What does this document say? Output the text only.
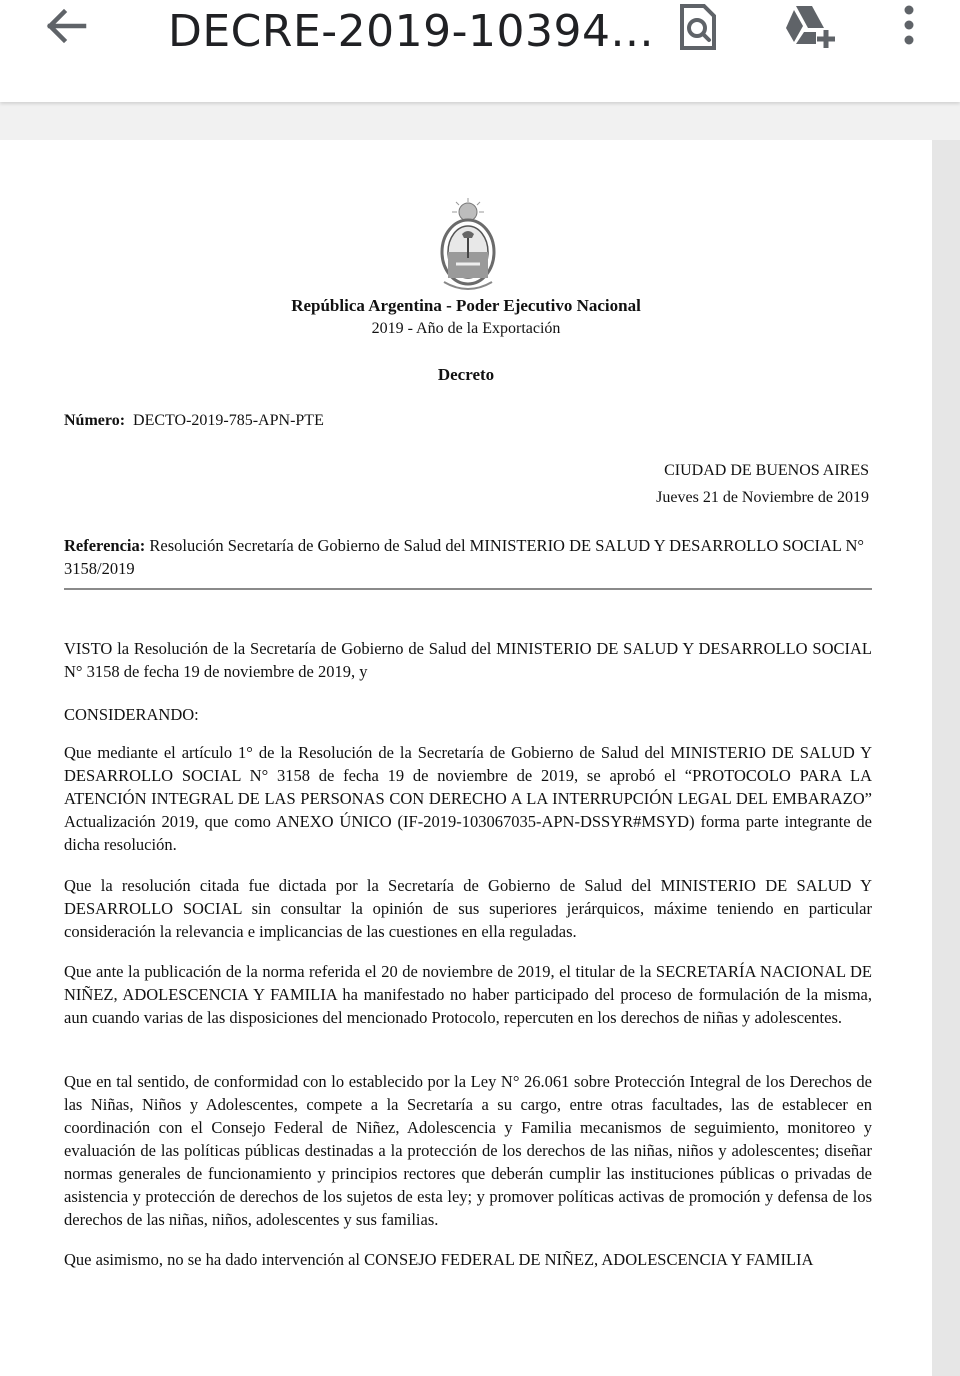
DECRE-2019-10394...
República Argentina - Poder Ejecutivo Nacional
2019 - Año de la Exportación
Decreto
Número: DECTO-2019-785-APN-PTE
CIUDAD DE BUENOS AIRES
Jueves 21 de Noviembre de 2019
Referencia: Resolución Secretaría de Gobierno de Salud del MINISTERIO DE SALUD Y DESARROLLO SOCIAL N° 3158/2019

VISTO la Resolución de la Secretaría de Gobierno de Salud del MINISTERIO DE SALUD Y DESARROLLO SOCIAL N° 3158 de fecha 19 de noviembre de 2019, y

CONSIDERANDO:

Que mediante el artículo 1° de la Resolución de la Secretaría de Gobierno de Salud del MINISTERIO DE SALUD Y DESARROLLO SOCIAL N° 3158 de fecha 19 de noviembre de 2019, se aprobó el “PROTOCOLO PARA LA ATENCIÓN INTEGRAL DE LAS PERSONAS CON DERECHO A LA INTERRUPCIÓN LEGAL DEL EMBARAZO” Actualización 2019, que como ANEXO ÚNICO (IF-2019-103067035-APN-DSSYR#MSYD) forma parte integrante de dicha resolución.

Que la resolución citada fue dictada por la Secretaría de Gobierno de Salud del MINISTERIO DE SALUD Y DESARROLLO SOCIAL sin consultar la opinión de sus superiores jerárquicos, máxime teniendo en particular consideración la relevancia e implicancias de las cuestiones en ella reguladas.

Que ante la publicación de la norma referida el 20 de noviembre de 2019, el titular de la SECRETARÍA NACIONAL DE NIÑEZ, ADOLESCENCIA Y FAMILIA ha manifestado no haber participado del proceso de formulación de la misma, aun cuando varias de las disposiciones del mencionado Protocolo, repercuten en los derechos de niñas y adolescentes.

Que en tal sentido, de conformidad con lo establecido por la Ley N° 26.061 sobre Protección Integral de los Derechos de las Niñas, Niños y Adolescentes, compete a la Secretaría a su cargo, entre otras facultades, las de establecer en coordinación con el Consejo Federal de Niñez, Adolescencia y Familia mecanismos de seguimiento, monitoreo y evaluación de las políticas públicas destinadas a la protección de los derechos de las niñas, niños y adolescentes; diseñar normas generales de funcionamiento y principios rectores que deberán cumplir las instituciones públicas o privadas de asistencia y protección de derechos de los sujetos de esta ley; y promover políticas activas de promoción y defensa de los derechos de las niñas, niños, adolescentes y sus familias.

Que asimismo, no se ha dado intervención al CONSEJO FEDERAL DE NIÑEZ, ADOLESCENCIA Y FAMILIA
